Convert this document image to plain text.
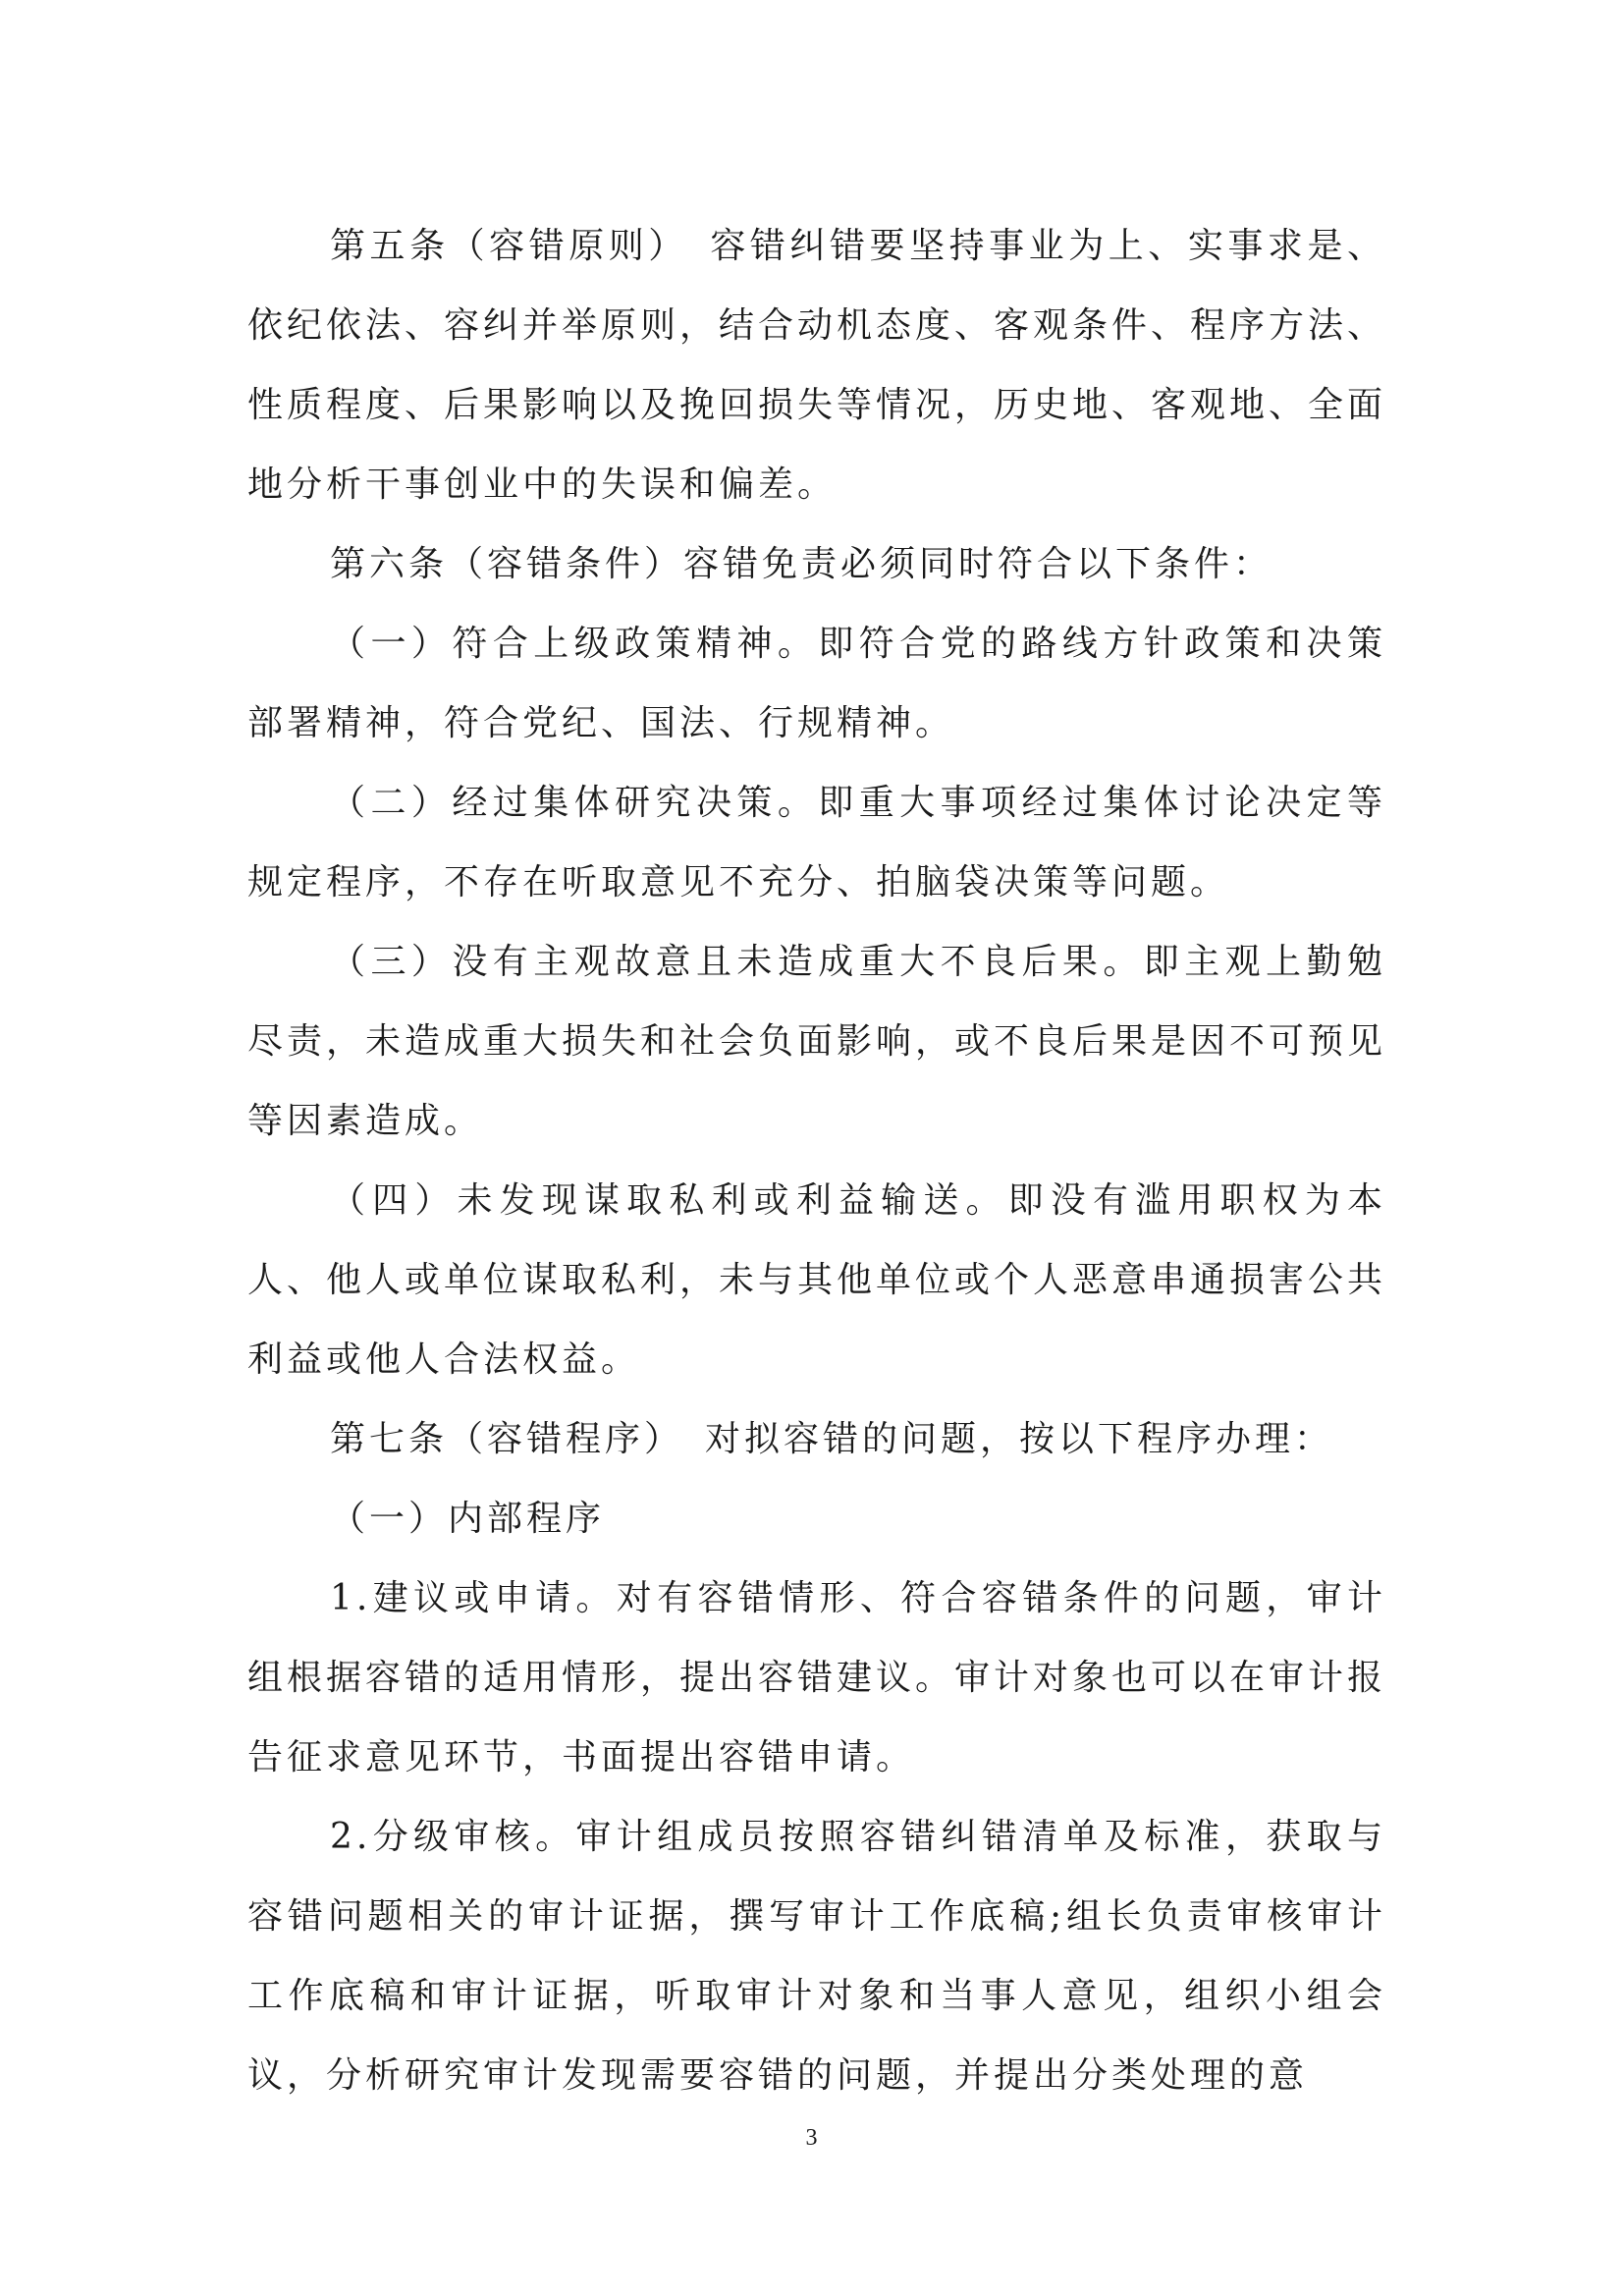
第五条（容错原则）　容错纠错要坚持事业为上、实事求是、依纪依法、容纠并举原则，结合动机态度、客观条件、程序方法、性质程度、后果影响以及挽回损失等情况，历史地、客观地、全面地分析干事创业中的失误和偏差。

第六条（容错条件）容错免责必须同时符合以下条件：

（一）符合上级政策精神。即符合党的路线方针政策和决策部署精神，符合党纪、国法、行规精神。

（二）经过集体研究决策。即重大事项经过集体讨论决定等规定程序，不存在听取意见不充分、拍脑袋决策等问题。

（三）没有主观故意且未造成重大不良后果。即主观上勤勉尽责，未造成重大损失和社会负面影响，或不良后果是因不可预见等因素造成。

（四）未发现谋取私利或利益输送。即没有滥用职权为本人、他人或单位谋取私利，未与其他单位或个人恶意串通损害公共利益或他人合法权益。

第七条（容错程序）　对拟容错的问题，按以下程序办理：

（一）内部程序

1.建议或申请。对有容错情形、符合容错条件的问题，审计组根据容错的适用情形，提出容错建议。审计对象也可以在审计报告征求意见环节，书面提出容错申请。

2.分级审核。审计组成员按照容错纠错清单及标准，获取与容错问题相关的审计证据，撰写审计工作底稿;组长负责审核审计工作底稿和审计证据，听取审计对象和当事人意见，组织小组会议，分析研究审计发现需要容错的问题，并提出分类处理的意

3
